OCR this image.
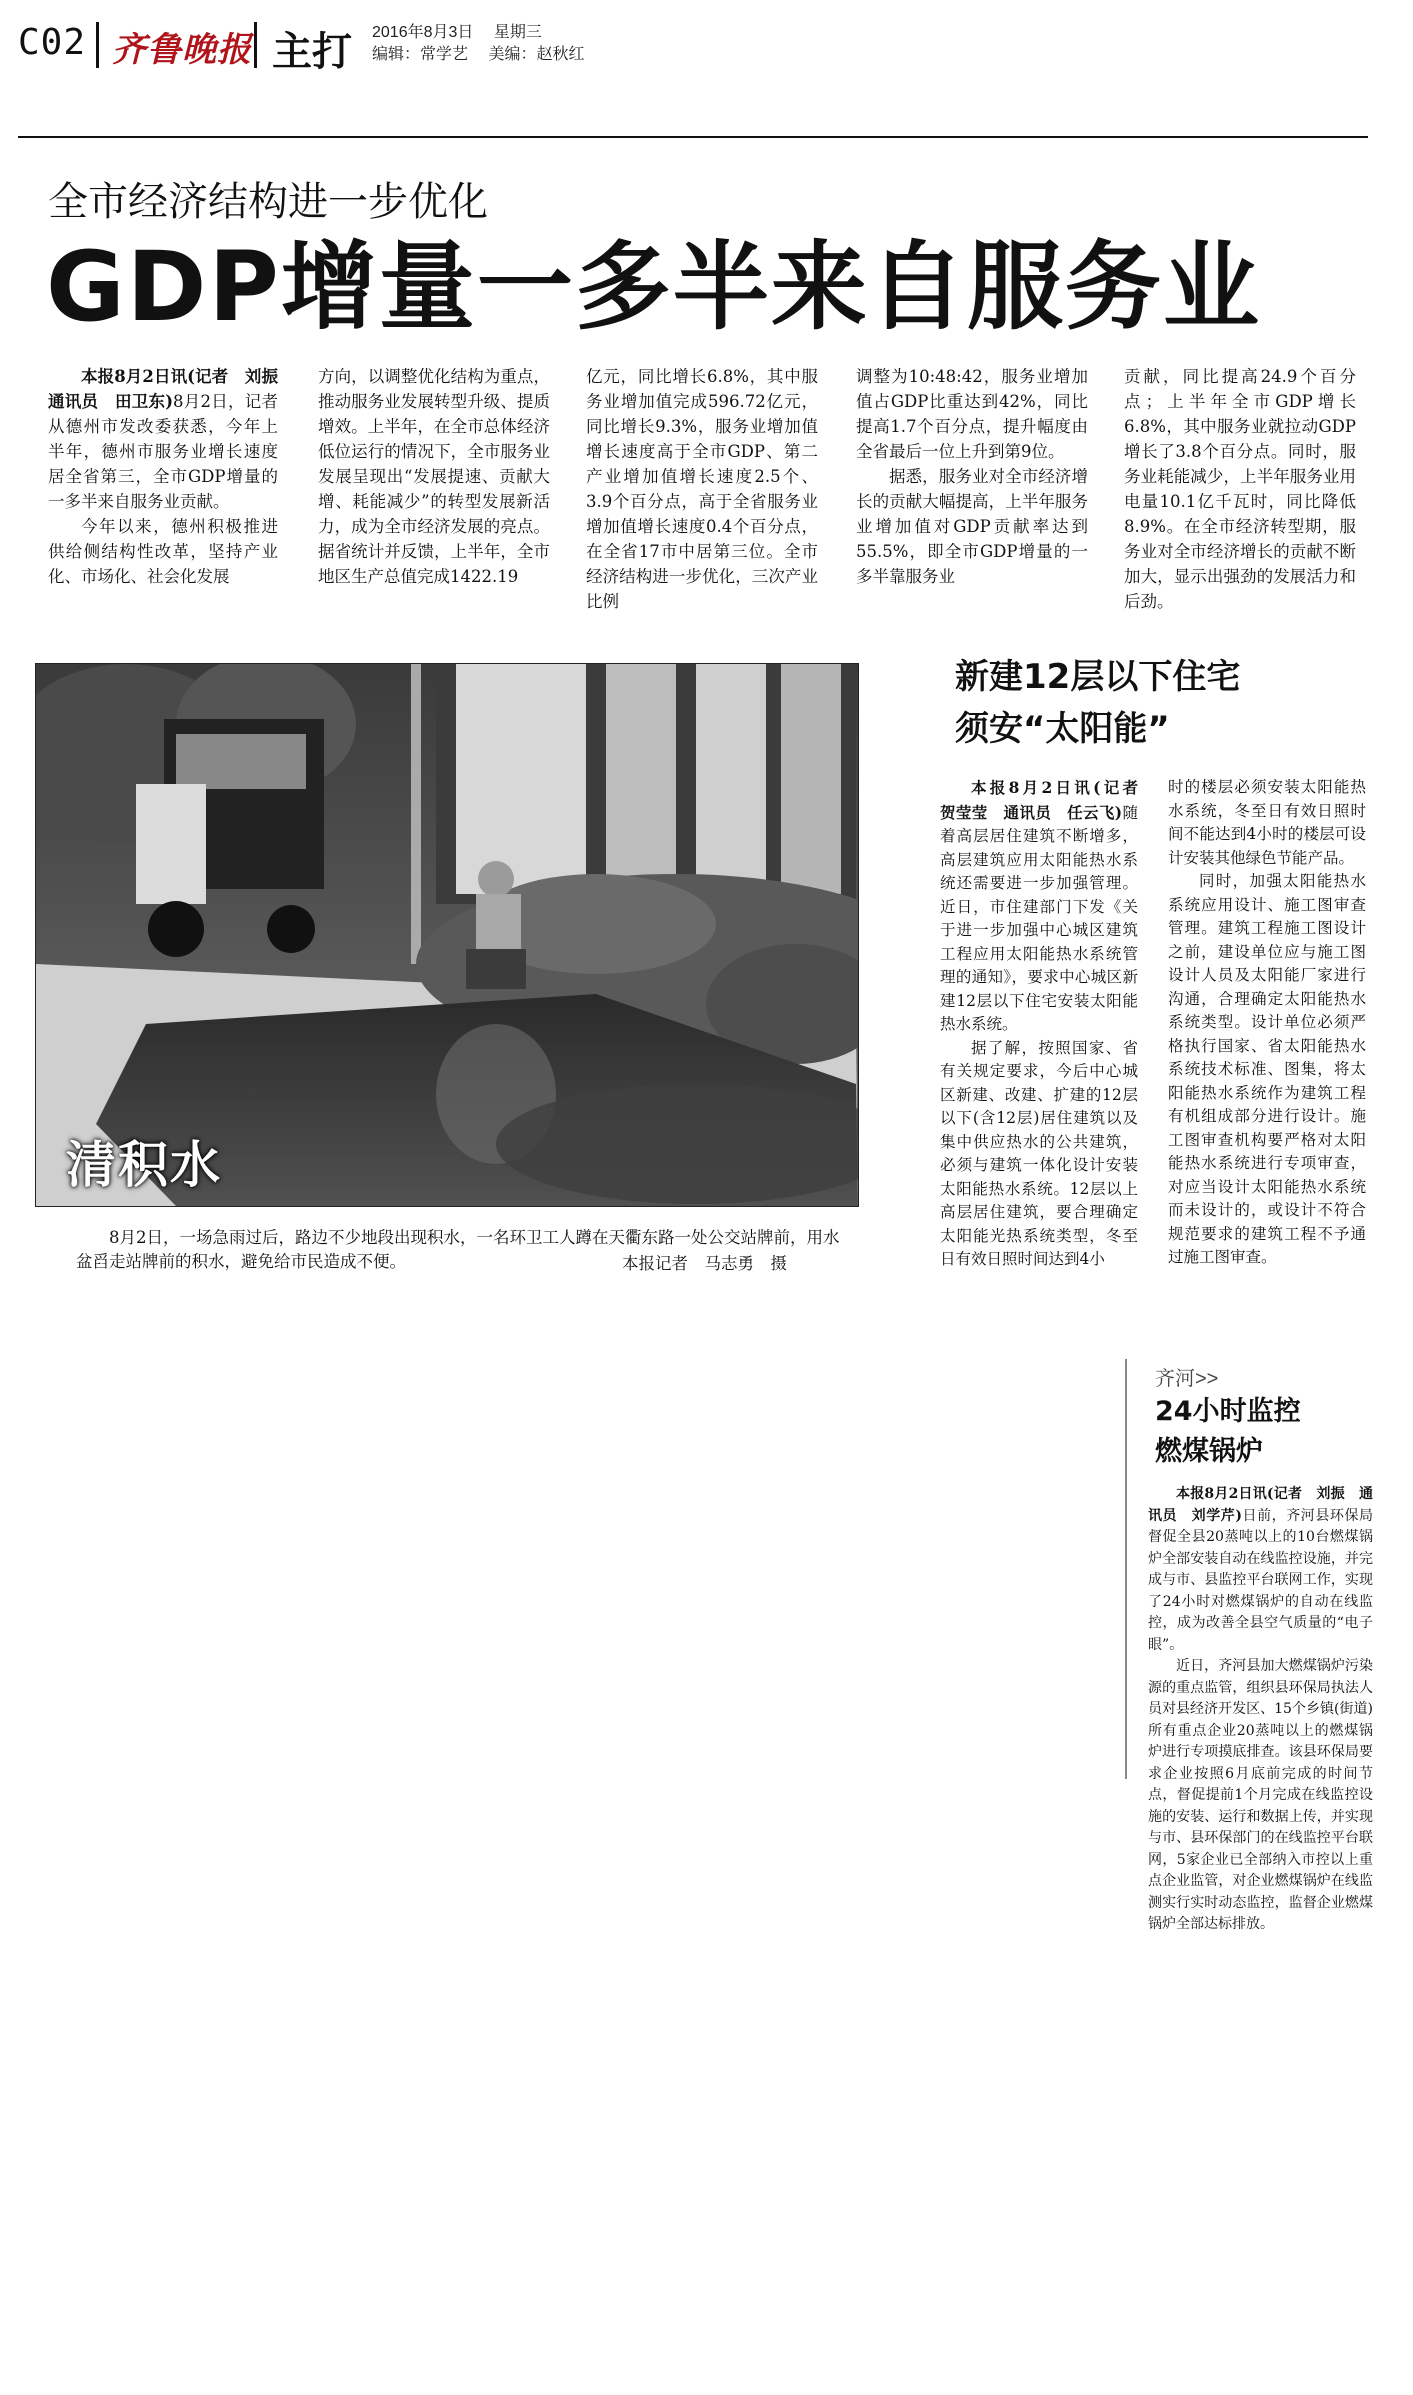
C02 齐鲁晚报 主打 2016年8月3日 星期三
编辑：常学艺 美编：赵秋红
全市经济结构进一步优化
GDP增量一多半来自服务业

本报8月2日讯(记者　刘振　通讯员　田卫东)8月2日，记者从德州市发改委获悉，今年上半年，德州市服务业增长速度居全省第三，全市GDP增量的一多半来自服务业贡献。

今年以来，德州积极推进供给侧结构性改革，坚持产业化、市场化、社会化发展

方向，以调整优化结构为重点，推动服务业发展转型升级、提质增效。上半年，在全市总体经济低位运行的情况下，全市服务业发展呈现出“发展提速、贡献大增、耗能减少”的转型发展新活力，成为全市经济发展的亮点。据省统计并反馈，上半年，全市地区生产总值完成1422.19

亿元，同比增长6.8%，其中服务业增加值完成596.72亿元，同比增长9.3%，服务业增加值增长速度高于全市GDP、第二产业增加值增长速度2.5个、3.9个百分点，高于全省服务业增加值增长速度0.4个百分点，在全省17市中居第三位。全市经济结构进一步优化，三次产业比例

调整为10:48:42，服务业增加值占GDP比重达到42%，同比提高1.7个百分点，提升幅度由全省最后一位上升到第9位。

据悉，服务业对全市经济增长的贡献大幅提高，上半年服务业增加值对GDP贡献率达到55.5%，即全市GDP增量的一多半靠服务业

贡献，同比提高24.9个百分点；上半年全市GDP增长6.8%，其中服务业就拉动GDP增长了3.8个百分点。同时，服务业耗能减少，上半年服务业用电量10.1亿千瓦时，同比降低8.9%。在全市经济转型期，服务业对全市经济增长的贡献不断加大，显示出强劲的发展活力和后劲。

清积水

8月2日，一场急雨过后，路边不少地段出现积水，一名环卫工人蹲在天衢东路一处公交站牌前，用水盆舀走站牌前的积水，避免给市民造成不便。	本报记者　马志勇　摄
新建12层以下住宅
须安“太阳能”

本报8月2日讯(记者　贺莹莹　通讯员　任云飞)随着高层居住建筑不断增多，高层建筑应用太阳能热水系统还需要进一步加强管理。近日，市住建部门下发《关于进一步加强中心城区建筑工程应用太阳能热水系统管理的通知》，要求中心城区新建12层以下住宅安装太阳能热水系统。

据了解，按照国家、省有关规定要求，今后中心城区新建、改建、扩建的12层以下(含12层)居住建筑以及集中供应热水的公共建筑，必须与建筑一体化设计安装太阳能热水系统。12层以上高层居住建筑，要合理确定太阳能光热系统类型，冬至日有效日照时间达到4小

时的楼层必须安装太阳能热水系统，冬至日有效日照时间不能达到4小时的楼层可设计安装其他绿色节能产品。

同时，加强太阳能热水系统应用设计、施工图审查管理。建筑工程施工图设计之前，建设单位应与施工图设计人员及太阳能厂家进行沟通，合理确定太阳能热水系统类型。设计单位必须严格执行国家、省太阳能热水系统技术标准、图集，将太阳能热水系统作为建筑工程有机组成部分进行设计。施工图审查机构要严格对太阳能热水系统进行专项审查，对应当设计太阳能热水系统而未设计的，或设计不符合规范要求的建筑工程不予通过施工图审查。

齐河>>
24小时监控
燃煤锅炉

本报8月2日讯(记者　刘振　通讯员　刘学芹)日前，齐河县环保局督促全县20蒸吨以上的10台燃煤锅炉全部安装自动在线监控设施，并完成与市、县监控平台联网工作，实现了24小时对燃煤锅炉的自动在线监控，成为改善全县空气质量的“电子眼”。

近日，齐河县加大燃煤锅炉污染源的重点监管，组织县环保局执法人员对县经济开发区、15个乡镇(街道)所有重点企业20蒸吨以上的燃煤锅炉进行专项摸底排查。该县环保局要求企业按照6月底前完成的时间节点，督促提前1个月完成在线监控设施的安装、运行和数据上传，并实现与市、县环保部门的在线监控平台联网，5家企业已全部纳入市控以上重点企业监管，对企业燃煤锅炉在线监测实行实时动态监控，监督企业燃煤锅炉全部达标排放。
